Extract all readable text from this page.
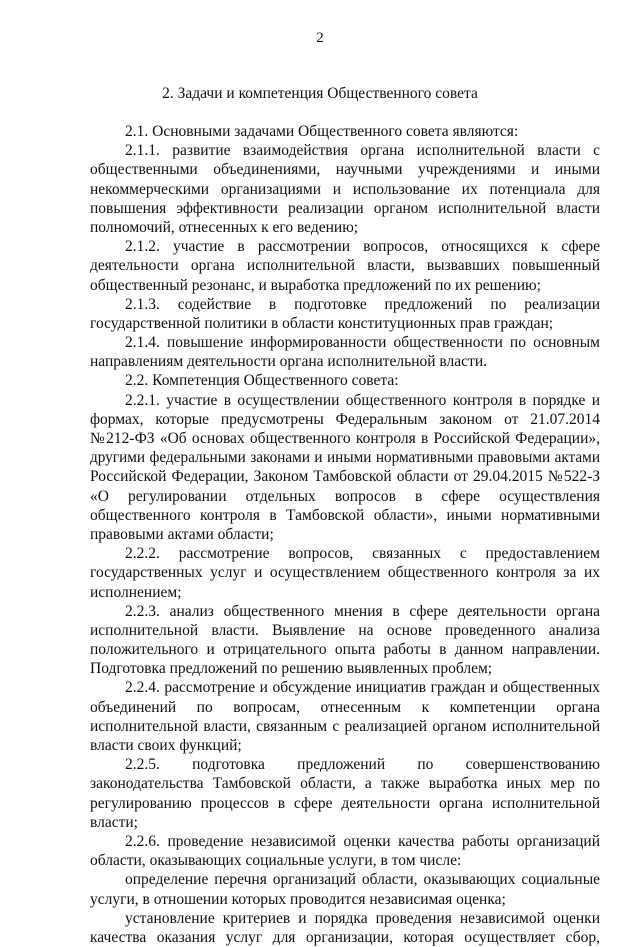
2
2. Задачи и компетенция Общественного совета
2.1. Основными задачами Общественного совета являются:
2.1.1. развитие взаимодействия органа исполнительной власти с
общественными объединениями, научными учреждениями и иными
некоммерческими организациями и использование их потенциала для
повышения эффективности реализации органом исполнительной власти
полномочий, отнесенных к его ведению;
2.1.2. участие в рассмотрении вопросов, относящихся к сфере
деятельности органа исполнительной власти, вызвавших повышенный
общественный резонанс, и выработка предложений по их решению;
2.1.3. содействие в подготовке предложений по реализации
государственной политики в области конституционных прав граждан;
2.1.4. повышение информированности общественности по основным
направлениям деятельности органа исполнительной власти.
2.2. Компетенция Общественного совета:
2.2.1. участие в осуществлении общественного контроля в порядке и
формах, которые предусмотрены Федеральным законом от 21.07.2014
№212-ФЗ «Об основах общественного контроля в Российской Федерации»,
другими федеральными законами и иными нормативными правовыми актами
Российской Федерации, Законом Тамбовской области от 29.04.2015 №522-З
«О регулировании отдельных вопросов в сфере осуществления
общественного контроля в Тамбовской области», иными нормативными
правовыми актами области;
2.2.2. рассмотрение вопросов, связанных с предоставлением
государственных услуг и осуществлением общественного контроля за их
исполнением;
2.2.3. анализ общественного мнения в сфере деятельности органа
исполнительной власти. Выявление на основе проведенного анализа
положительного и отрицательного опыта работы в данном направлении.
Подготовка предложений по решению выявленных проблем;
2.2.4. рассмотрение и обсуждение инициатив граждан и общественных
объединений по вопросам, отнесенным к компетенции органа
исполнительной власти, связанным с реализацией органом исполнительной
власти своих функций;
2.2.5. подготовка предложений по совершенствованию
законодательства Тамбовской области, а также выработка иных мер по
регулированию процессов в сфере деятельности органа исполнительной
власти;
2.2.6. проведение независимой оценки качества работы организаций
области, оказывающих социальные услуги, в том числе:
определение перечня организаций области, оказывающих социальные
услуги, в отношении которых проводится независимая оценка;
установление критериев и порядка проведения независимой оценки
качества оказания услуг для организации, которая осуществляет сбор,
